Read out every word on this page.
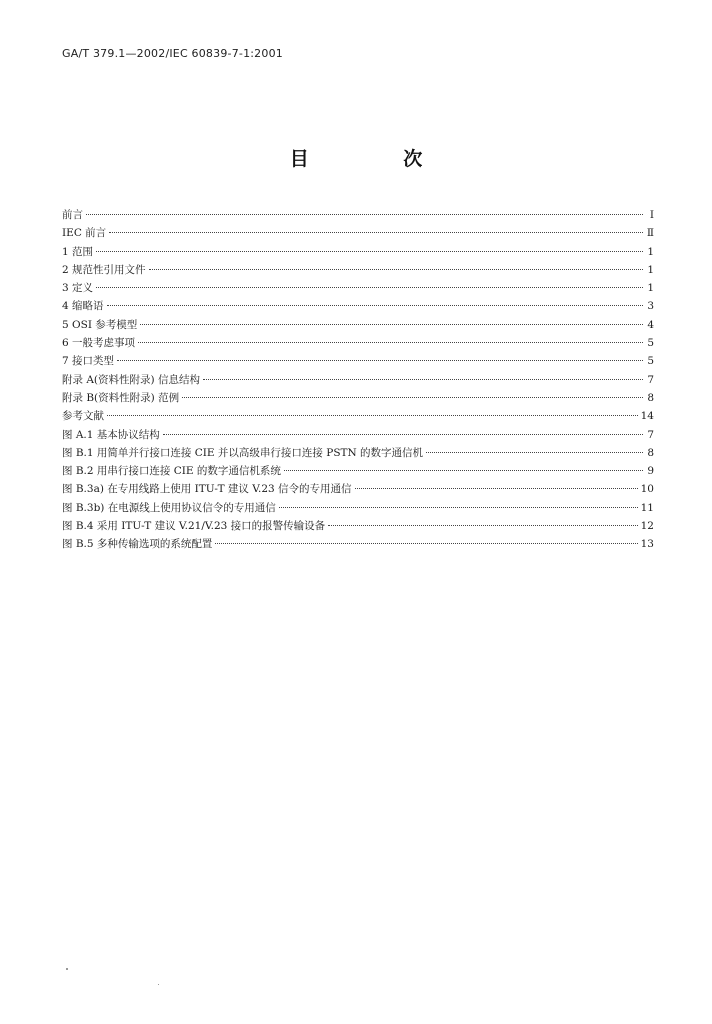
GA/T 379.1—2002/IEC 60839-7-1:2001
目 次
前言	Ⅰ
IEC 前言	Ⅱ
1 范围	1
2 规范性引用文件	1
3 定义	1
4 缩略语	3
5 OSI 参考模型	4
6 一般考虑事项	5
7 接口类型	5
附录 A(资料性附录) 信息结构	7
附录 B(资料性附录) 范例	8
参考文献	14
图 A.1 基本协议结构	7
图 B.1 用简单并行接口连接 CIE 并以高级串行接口连接 PSTN 的数字通信机	8
图 B.2 用串行接口连接 CIE 的数字通信机系统	9
图 B.3a) 在专用线路上使用 ITU-T 建议 V.23 信令的专用通信	10
图 B.3b) 在电源线上使用协议信令的专用通信	11
图 B.4 采用 ITU-T 建议 V.21/V.23 接口的报警传输设备	12
图 B.5 多种传输选项的系统配置	13
